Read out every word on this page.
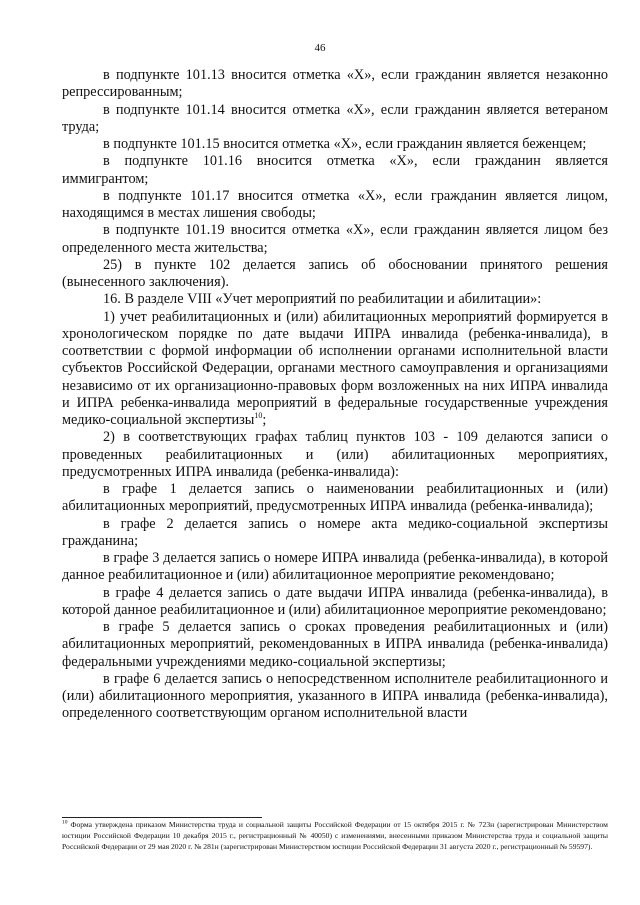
46

в подпункте 101.13 вносится отметка «X», если гражданин является незаконно репрессированным;

в подпункте 101.14 вносится отметка «X», если гражданин является ветераном труда;

в подпункте 101.15 вносится отметка «X», если гражданин является беженцем;

в подпункте 101.16 вносится отметка «X», если гражданин является иммигрантом;

в подпункте 101.17 вносится отметка «X», если гражданин является лицом, находящимся в местах лишения свободы;

в подпункте 101.19 вносится отметка «X», если гражданин является лицом без определенного места жительства;

25) в пункте 102 делается запись об обосновании принятого решения (вынесенного заключения).

16. В разделе VIII «Учет мероприятий по реабилитации и абилитации»:

1) учет реабилитационных и (или) абилитационных мероприятий формируется в хронологическом порядке по дате выдачи ИПРА инвалида (ребенка-инвалида), в соответствии с формой информации об исполнении органами исполнительной власти субъектов Российской Федерации, органами местного самоуправления и организациями независимо от их организационно-правовых форм возложенных на них ИПРА инвалида и ИПРА ребенка-инвалида мероприятий в федеральные государственные учреждения медико-социальной экспертизы$^{10}$;

2) в соответствующих графах таблиц пунктов 103 - 109 делаются записи о проведенных реабилитационных и (или) абилитационных мероприятиях, предусмотренных ИПРА инвалида (ребенка-инвалида):

в графе 1 делается запись о наименовании реабилитационных и (или) абилитационных мероприятий, предусмотренных ИПРА инвалида (ребенка-инвалида);

в графе 2 делается запись о номере акта медико-социальной экспертизы гражданина;

в графе 3 делается запись о номере ИПРА инвалида (ребенка-инвалида), в которой данное реабилитационное и (или) абилитационное мероприятие рекомендовано;

в графе 4 делается запись о дате выдачи ИПРА инвалида (ребенка-инвалида), в которой данное реабилитационное и (или) абилитационное мероприятие рекомендовано;

в графе 5 делается запись о сроках проведения реабилитационных и (или) абилитационных мероприятий, рекомендованных в ИПРА инвалида (ребенка-инвалида) федеральными учреждениями медико-социальной экспертизы;

в графе 6 делается запись о непосредственном исполнителе реабилитационного и (или) абилитационного мероприятия, указанного в ИПРА инвалида (ребенка-инвалида), определенного соответствующим органом исполнительной власти

$^{10}$ Форма утверждена приказом Министерства труда и социальной защиты Российской Федерации от 15 октября 2015 г. № 723н (зарегистрирован Министерством юстиции Российской Федерации 10 декабря 2015 г., регистрационный № 40050) с изменениями, внесенными приказом Министерства труда и социальной защиты Российской Федерации от 29 мая 2020 г. № 281н (зарегистрирован Министерством юстиции Российской Федерации 31 августа 2020 г., регистрационный № 59597).
